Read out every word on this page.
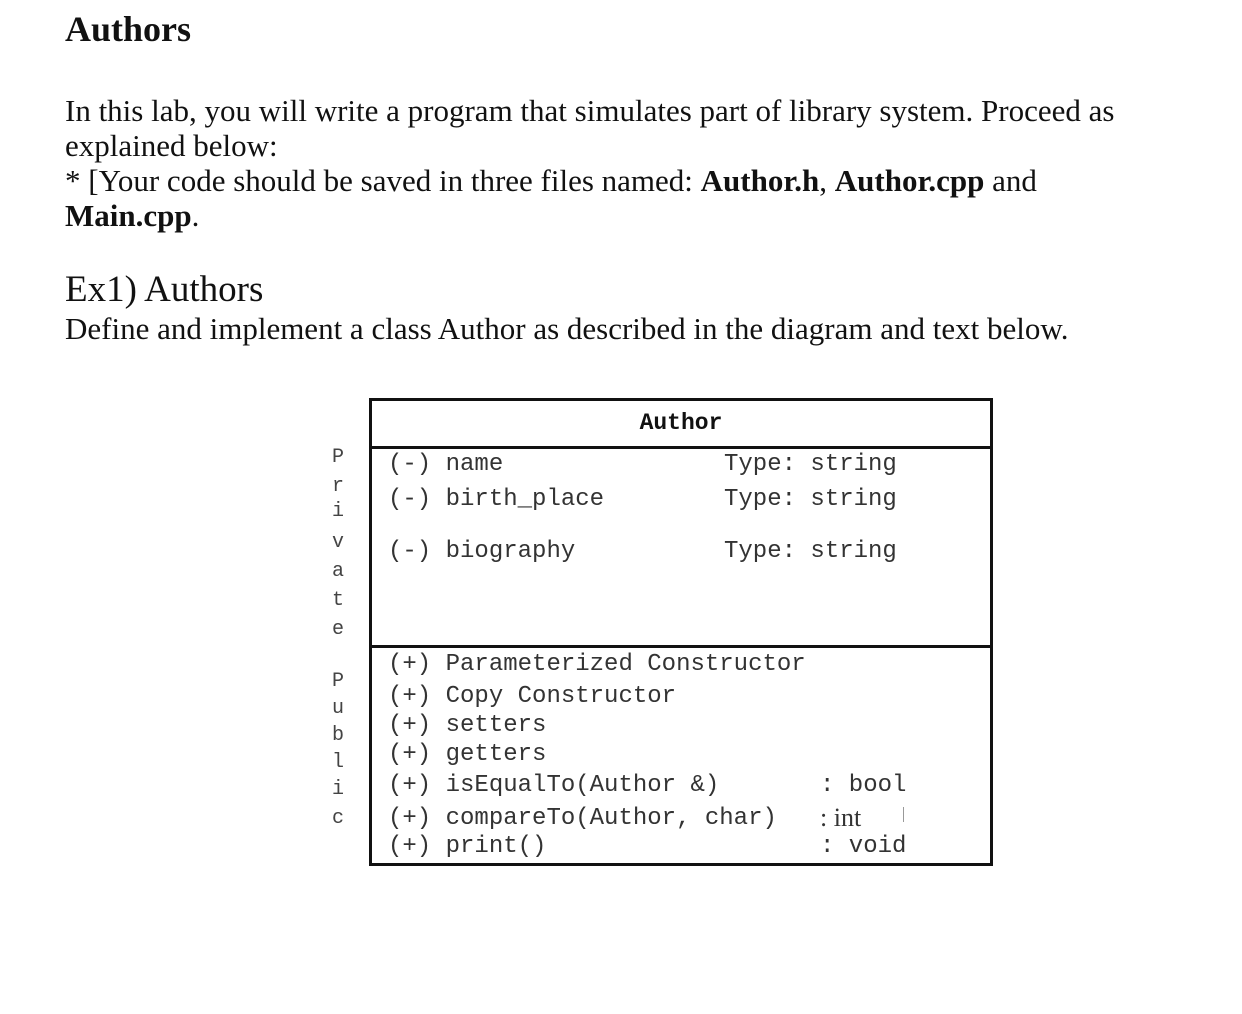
Authors
In this lab, you will write a program that simulates part of library system. Proceed as
explained below:
* [Your code should be saved in three files named: Author.h, Author.cpp and
Main.cpp.
Ex1) Authors
Define and implement a class Author as described in the diagram and text below.
P
r
i
v
a
t
e
P
u
b
l
i
c
Author
(-) name	Type: string
(-) birth_place	Type: string
(-) biography	Type: string
(+) Parameterized Constructor
(+) Copy Constructor
(+) setters
(+) getters
(+) isEqualTo(Author &)	: bool
(+) compareTo(Author, char) : int
(+) print()	: void
